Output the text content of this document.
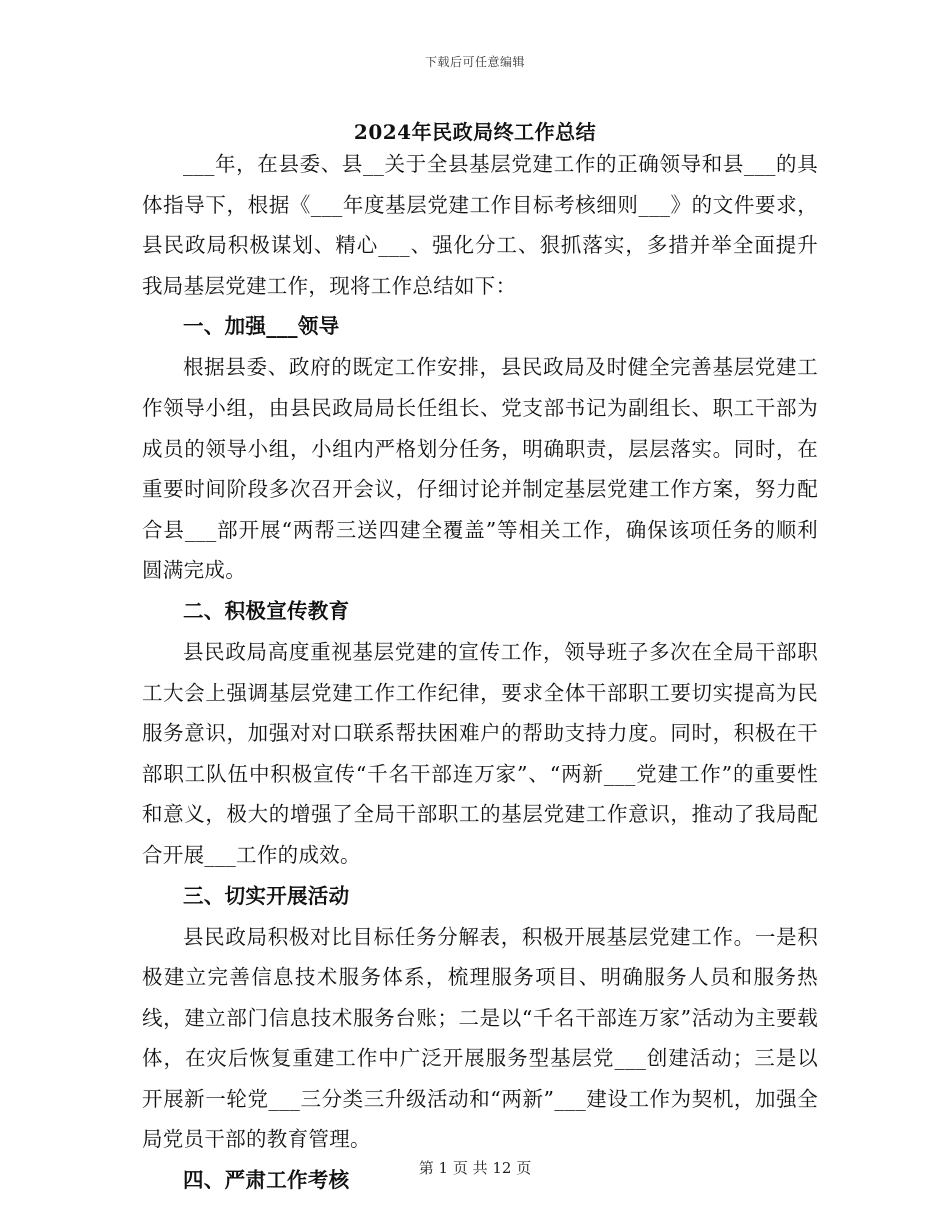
下载后可任意编辑
2024年民政局终工作总结

___年，在县委、县__关于全县基层党建工作的正确领导和县___的具体指导下，根据《___年度基层党建工作目标考核细则___》的文件要求，县民政局积极谋划、精心___、强化分工、狠抓落实，多措并举全面提升我局基层党建工作，现将工作总结如下：

一、加强___领导

根据县委、政府的既定工作安排，县民政局及时健全完善基层党建工作领导小组，由县民政局局长任组长、党支部书记为副组长、职工干部为成员的领导小组，小组内严格划分任务，明确职责，层层落实。同时，在重要时间阶段多次召开会议，仔细讨论并制定基层党建工作方案，努力配合县___部开展“两帮三送四建全覆盖”等相关工作，确保该项任务的顺利圆满完成。

二、积极宣传教育

县民政局高度重视基层党建的宣传工作，领导班子多次在全局干部职工大会上强调基层党建工作工作纪律，要求全体干部职工要切实提高为民服务意识，加强对对口联系帮扶困难户的帮助支持力度。同时，积极在干部职工队伍中积极宣传“千名干部连万家”、“两新___党建工作”的重要性和意义，极大的增强了全局干部职工的基层党建工作意识，推动了我局配合开展___工作的成效。

三、切实开展活动

县民政局积极对比目标任务分解表，积极开展基层党建工作。一是积极建立完善信息技术服务体系，梳理服务项目、明确服务人员和服务热线，建立部门信息技术服务台账；二是以“千名干部连万家”活动为主要载体，在灾后恢复重建工作中广泛开展服务型基层党___创建活动；三是以开展新一轮党___三分类三升级活动和“两新”___建设工作为契机，加强全局党员干部的教育管理。

四、严肃工作考核

第 1 页 共 12 页
